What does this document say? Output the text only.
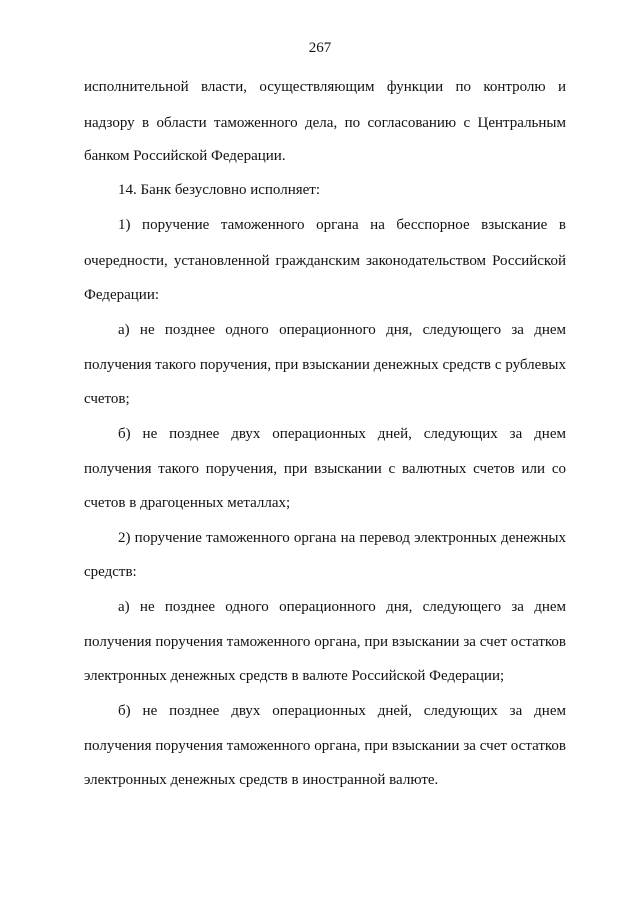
267
исполнительной власти, осуществляющим функции по контролю и
надзору в области таможенного дела, по согласованию с Центральным
банком Российской Федерации.
14. Банк безусловно исполняет:
1) поручение таможенного органа на бесспорное взыскание в
очередности, установленной гражданским законодательством Российской
Федерации:
а) не позднее одного операционного дня, следующего за днем
получения такого поручения, при взыскании денежных средств с рублевых
счетов;
б) не позднее двух операционных дней, следующих за днем
получения такого поручения, при взыскании с валютных счетов или со
счетов в драгоценных металлах;
2) поручение таможенного органа на перевод электронных денежных
средств:
а) не позднее одного операционного дня, следующего за днем
получения поручения таможенного органа, при взыскании за счет остатков
электронных денежных средств в валюте Российской Федерации;
б) не позднее двух операционных дней, следующих за днем
получения поручения таможенного органа, при взыскании за счет остатков
электронных денежных средств в иностранной валюте.
